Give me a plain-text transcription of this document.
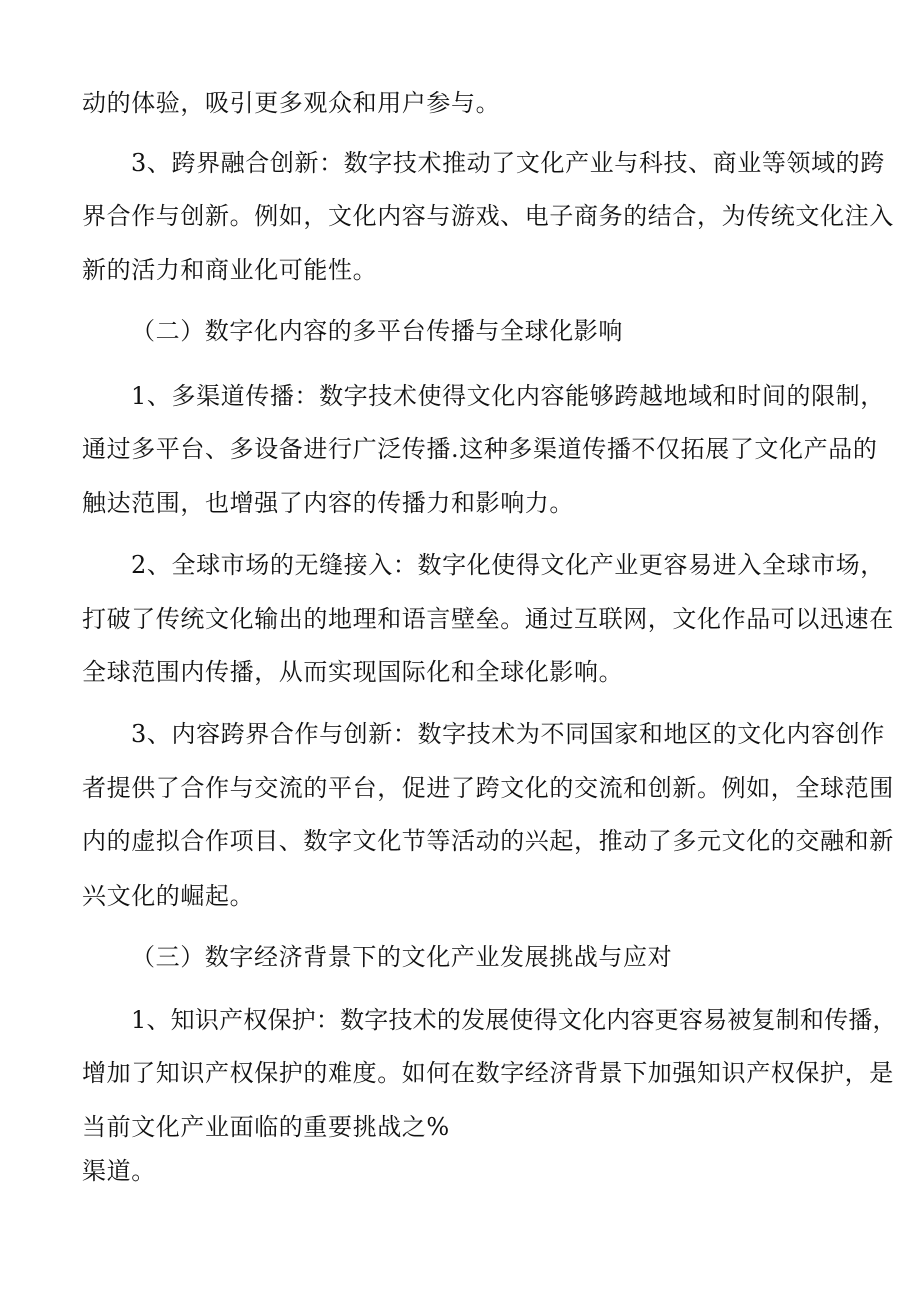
动的体验，吸引更多观众和用户参与。
3、跨界融合创新：数字技术推动了文化产业与科技、商业等领域的跨
界合作与创新。例如，文化内容与游戏、电子商务的结合，为传统文化注入
新的活力和商业化可能性。
（二）数字化内容的多平台传播与全球化影响
1、多渠道传播：数字技术使得文化内容能够跨越地域和时间的限制，
通过多平台、多设备进行广泛传播.这种多渠道传播不仅拓展了文化产品的
触达范围，也增强了内容的传播力和影响力。
2、全球市场的无缝接入：数字化使得文化产业更容易进入全球市场，
打破了传统文化输出的地理和语言壁垒。通过互联网，文化作品可以迅速在
全球范围内传播，从而实现国际化和全球化影响。
3、内容跨界合作与创新：数字技术为不同国家和地区的文化内容创作
者提供了合作与交流的平台，促进了跨文化的交流和创新。例如，全球范围
内的虚拟合作项目、数字文化节等活动的兴起，推动了多元文化的交融和新
兴文化的崛起。
（三）数字经济背景下的文化产业发展挑战与应对
1、知识产权保护：数字技术的发展使得文化内容更容易被复制和传播，
增加了知识产权保护的难度。如何在数字经济背景下加强知识产权保护，是
当前文化产业面临的重要挑战之%
渠道。
